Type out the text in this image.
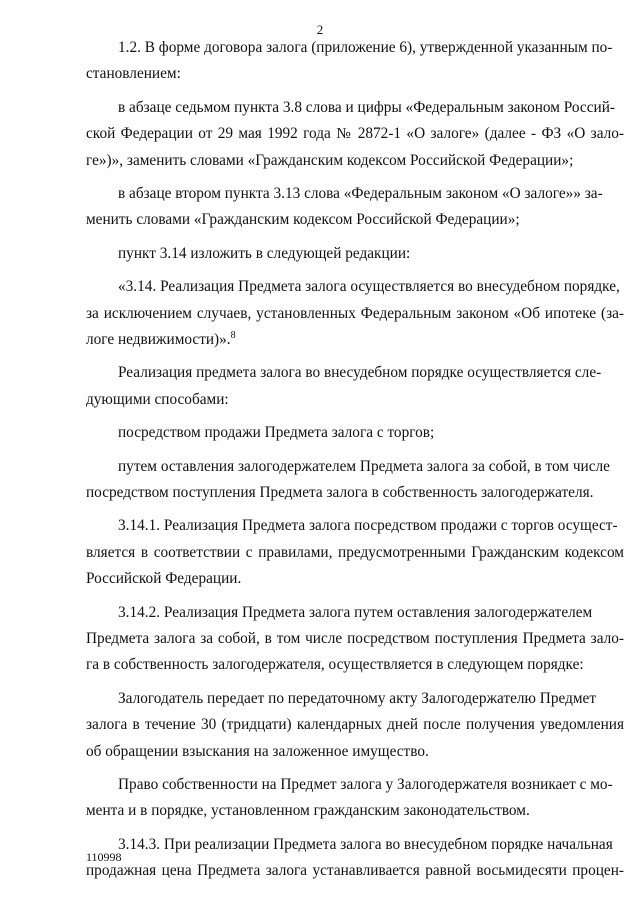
2
1.2. В форме договора залога (приложение 6), утвержденной указанным по-
становлением:
в абзаце седьмом пункта 3.8 слова и цифры «Федеральным законом Россий-
ской Федерации от 29 мая 1992 года № 2872-1 «О залоге» (далее - ФЗ «О зало-
ге»)», заменить словами «Гражданским кодексом Российской Федерации»;
в абзаце втором пункта 3.13 слова «Федеральным законом «О залоге»» за-
менить словами «Гражданским кодексом Российской Федерации»;
пункт 3.14 изложить в следующей редакции:
«3.14. Реализация Предмета залога осуществляется во внесудебном порядке,
за исключением случаев, установленных Федеральным законом «Об ипотеке (за-
логе недвижимости)».$^8$
Реализация предмета залога во внесудебном порядке осуществляется сле-
дующими способами:
посредством продажи Предмета залога с торгов;
путем оставления залогодержателем Предмета залога за собой, в том числе
посредством поступления Предмета залога в собственность залогодержателя.
3.14.1. Реализация Предмета залога посредством продажи с торгов осущест-
вляется в соответствии с правилами, предусмотренными Гражданским кодексом
Российской Федерации.
3.14.2. Реализация Предмета залога путем оставления залогодержателем
Предмета залога за собой, в том числе посредством поступления Предмета зало-
га в собственность залогодержателя, осуществляется в следующем порядке:
Залогодатель передает по передаточному акту Залогодержателю Предмет
залога в течение 30 (тридцати) календарных дней после получения уведомления
об обращении взыскания на заложенное имущество.
Право собственности на Предмет залога у Залогодержателя возникает с мо-
мента и в порядке, установленном гражданским законодательством.
3.14.3. При реализации Предмета залога во внесудебном порядке начальная
продажная цена Предмета залога устанавливается равной восьмидесяти процен-
110998
